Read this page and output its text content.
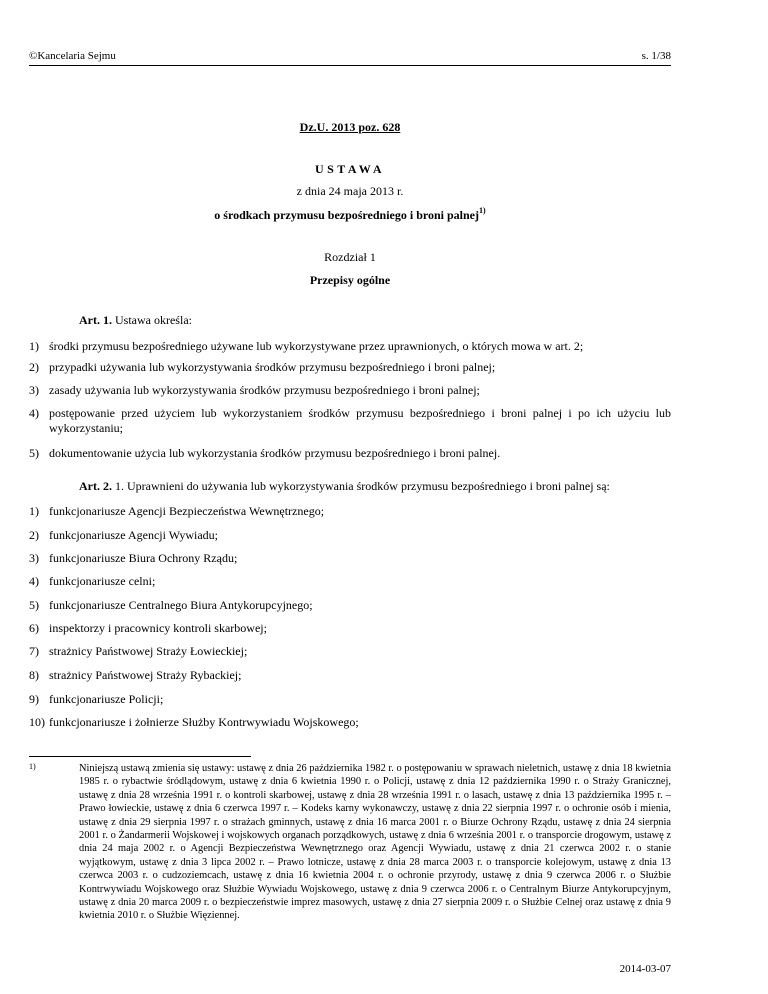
©Kancelaria Sejmu	s. 1/38
Dz.U. 2013 poz. 628
USTAWA
z dnia 24 maja 2013 r.
o środkach przymusu bezpośredniego i broni palnej$^{1)}$
Rozdział 1
Przepisy ogólne
Art. 1. Ustawa określa:
1) środki przymusu bezpośredniego używane lub wykorzystywane przez uprawnionych, o których mowa w art. 2;
2) przypadki używania lub wykorzystywania środków przymusu bezpośredniego i broni palnej;
3) zasady używania lub wykorzystywania środków przymusu bezpośredniego i broni palnej;
4) postępowanie przed użyciem lub wykorzystaniem środków przymusu bezpośredniego i broni palnej i po ich użyciu lub wykorzystaniu;
5) dokumentowanie użycia lub wykorzystania środków przymusu bezpośredniego i broni palnej.
Art. 2. 1. Uprawnieni do używania lub wykorzystywania środków przymusu bezpośredniego i broni palnej są:
1) funkcjonariusze Agencji Bezpieczeństwa Wewnętrznego;
2) funkcjonariusze Agencji Wywiadu;
3) funkcjonariusze Biura Ochrony Rządu;
4) funkcjonariusze celni;
5) funkcjonariusze Centralnego Biura Antykorupcyjnego;
6) inspektorzy i pracownicy kontroli skarbowej;
7) strażnicy Państwowej Straży Łowieckiej;
8) strażnicy Państwowej Straży Rybackiej;
9) funkcjonariusze Policji;
10) funkcjonariusze i żołnierze Służby Kontrwywiadu Wojskowego;
1)	Niniejszą ustawą zmienia się ustawy: ustawę z dnia 26 października 1982 r. o postępowaniu w sprawach nieletnich, ustawę z dnia 18 kwietnia 1985 r. o rybactwie śródlądowym, ustawę z dnia 6 kwietnia 1990 r. o Policji, ustawę z dnia 12 października 1990 r. o Straży Granicznej, ustawę z dnia 28 września 1991 r. o kontroli skarbowej, ustawę z dnia 28 września 1991 r. o lasach, ustawę z dnia 13 października 1995 r. – Prawo łowieckie, ustawę z dnia 6 czerwca 1997 r. – Kodeks karny wykonawczy, ustawę z dnia 22 sierpnia 1997 r. o ochronie osób i mienia, ustawę z dnia 29 sierpnia 1997 r. o strażach gminnych, ustawę z dnia 16 marca 2001 r. o Biurze Ochrony Rządu, ustawę z dnia 24 sierpnia 2001 r. o Żandarmerii Wojskowej i wojskowych organach porządkowych, ustawę z dnia 6 września 2001 r. o transporcie drogowym, ustawę z dnia 24 maja 2002 r. o Agencji Bezpieczeństwa Wewnętrznego oraz Agencji Wywiadu, ustawę z dnia 21 czerwca 2002 r. o stanie wyjątkowym, ustawę z dnia 3 lipca 2002 r. – Prawo lotnicze, ustawę z dnia 28 marca 2003 r. o transporcie kolejowym, ustawę z dnia 13 czerwca 2003 r. o cudzoziemcach, ustawę z dnia 16 kwietnia 2004 r. o ochronie przyrody, ustawę z dnia 9 czerwca 2006 r. o Służbie Kontrwywiadu Wojskowego oraz Służbie Wywiadu Wojskowego, ustawę z dnia 9 czerwca 2006 r. o Centralnym Biurze Antykorupcyjnym, ustawę z dnia 20 marca 2009 r. o bezpieczeństwie imprez masowych, ustawę z dnia 27 sierpnia 2009 r. o Służbie Celnej oraz ustawę z dnia 9 kwietnia 2010 r. o Służbie Więziennej.
2014-03-07
